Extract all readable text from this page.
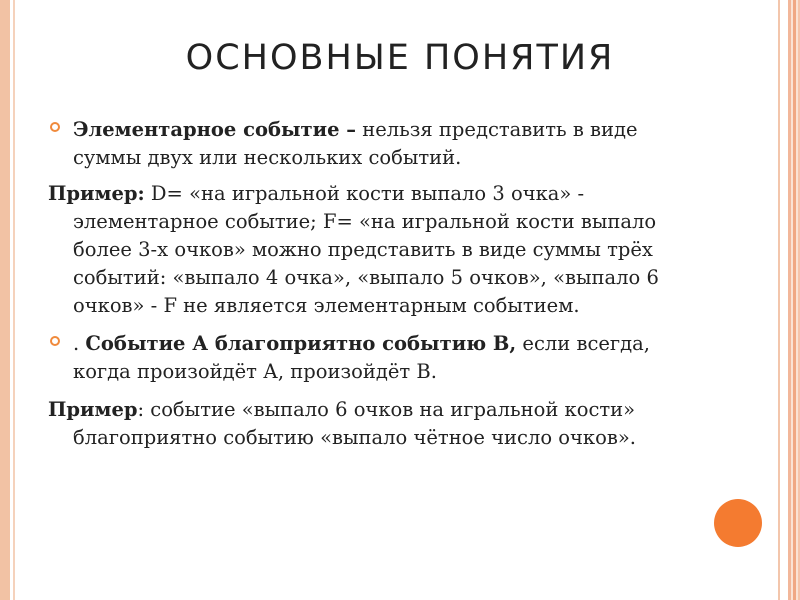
ОСНОВНЫЕ ПОНЯТИЯ

Элементарное событие – нельзя представить в виде суммы двух или нескольких событий.

Пример: D= «на игральной кости выпало 3 очка» - элементарное событие; F= «на игральной кости выпало более 3-х очков» можно представить в виде суммы трёх событий: «выпало 4 очка», «выпало 5 очков», «выпало 6 очков» - F не является элементарным событием.

. Событие А благоприятно событию В, если всегда, когда произойдёт А, произойдёт В.

Пример: событие «выпало 6 очков на игральной кости» благоприятно событию «выпало чётное число очков».
